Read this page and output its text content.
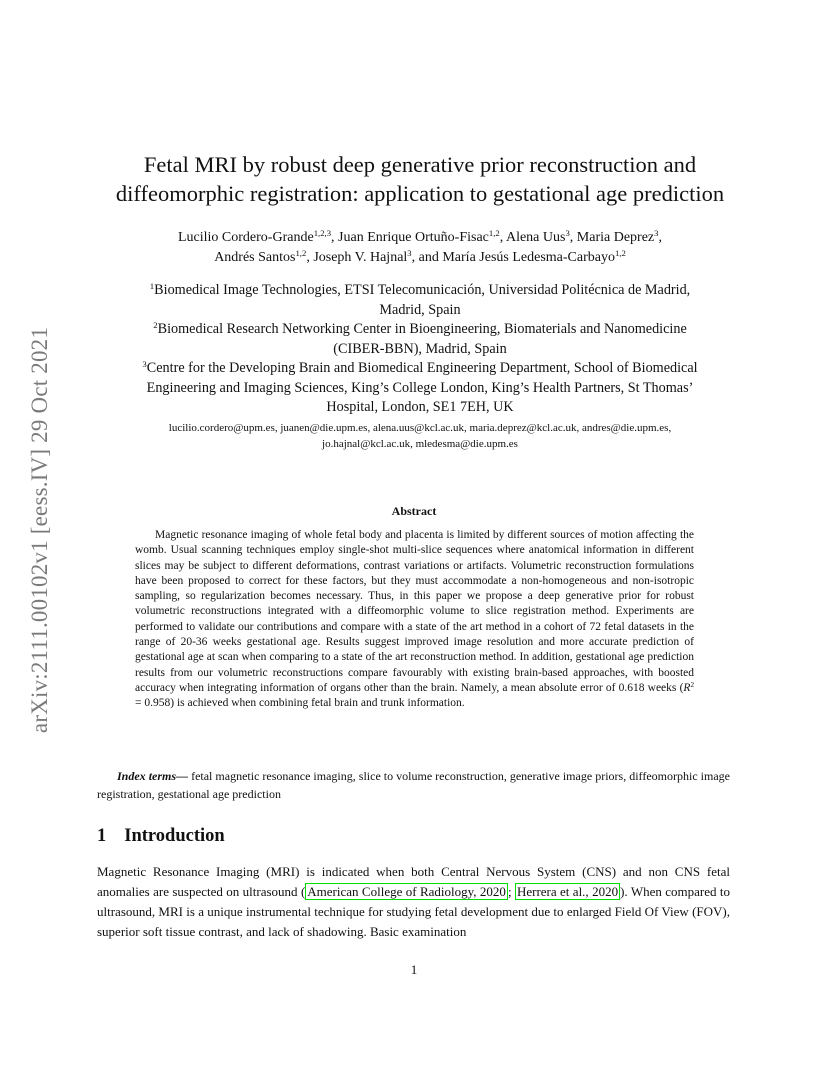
arXiv:2111.00102v1 [eess.IV] 29 Oct 2021
Fetal MRI by robust deep generative prior reconstruction and
diffeomorphic registration: application to gestational age prediction
Lucilio Cordero-Grande$^{1,2,3}$, Juan Enrique Ortuño-Fisac$^{1,2}$, Alena Uus$^3$, Maria Deprez$^3$,
Andrés Santos$^{1,2}$, Joseph V. Hajnal$^3$, and María Jesús Ledesma-Carbayo$^{1,2}$
$^1$Biomedical Image Technologies, ETSI Telecomunicación, Universidad Politécnica de Madrid,
Madrid, Spain
$^2$Biomedical Research Networking Center in Bioengineering, Biomaterials and Nanomedicine
(CIBER-BBN), Madrid, Spain
$^3$Centre for the Developing Brain and Biomedical Engineering Department, School of Biomedical
Engineering and Imaging Sciences, King’s College London, King’s Health Partners, St Thomas’
Hospital, London, SE1 7EH, UK
lucilio.cordero@upm.es, juanen@die.upm.es, alena.uus@kcl.ac.uk, maria.deprez@kcl.ac.uk, andres@die.upm.es,
jo.hajnal@kcl.ac.uk, mledesma@die.upm.es
Abstract

Magnetic resonance imaging of whole fetal body and placenta is limited by different sources of motion affecting the womb. Usual scanning techniques employ single-shot multi-slice sequences where anatomical information in different slices may be subject to different deformations, contrast variations or artifacts. Volumetric reconstruction formulations have been proposed to correct for these factors, but they must accommodate a non-homogeneous and non-isotropic sampling, so regularization becomes necessary. Thus, in this paper we propose a deep generative prior for robust volumetric reconstructions integrated with a diffeomorphic volume to slice registration method. Experiments are performed to validate our contributions and compare with a state of the art method in a cohort of 72 fetal datasets in the range of 20-36 weeks gestational age. Results suggest improved image resolution and more accurate prediction of gestational age at scan when comparing to a state of the art reconstruction method. In addition, gestational age prediction results from our volumetric reconstructions compare favourably with existing brain-based approaches, with boosted accuracy when integrating information of organs other than the brain. Namely, a mean absolute error of 0.618 weeks $(R^2 = 0.958)$ is achieved when combining fetal brain and trunk information.

Index terms— fetal magnetic resonance imaging, slice to volume reconstruction, generative image priors, diffeomorphic image registration, gestational age prediction

1 Introduction

Magnetic Resonance Imaging (MRI) is indicated when both Central Nervous System (CNS) and non CNS fetal anomalies are suspected on ultrasound ( American College of Radiology, 2020 ; Herrera et al., 2020 ). When compared to ultrasound, MRI is a unique instrumental technique for studying fetal development due to enlarged Field Of View (FOV), superior soft tissue contrast, and lack of shadowing. Basic examination

1
